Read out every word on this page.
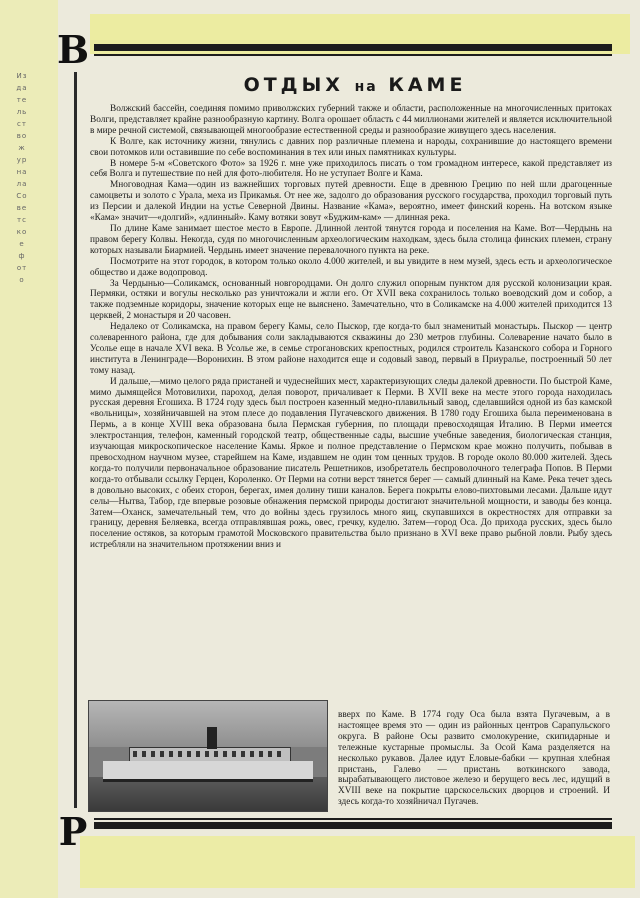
В
Издательство журнала Советское фото
ОТДЫХ на КАМЕ

Волжский бассейн, соединяя помимо приволжских губерний также и области, расположенные на многочисленных притоках Волги, представляет крайне разнообразную картину. Волга орошает область с 44 миллионами жителей и является исключительной в мире речной системой, связывающей многообразие естественной среды и разнообразие живущего здесь населения.

К Волге, как источнику жизни, тянулись с давних пор различные племена и народы, сохранившие до настоящего времени свои потомков или оставившие по себе воспоминания в тех или иных памятниках культуры.

В номере 5-м «Советского Фото» за 1926 г. мне уже приходилось писать о том громадном интересе, какой представляет из себя Волга и путешествие по ней для фото-любителя. Но не уступает Волге и Кама.

Многоводная Кама—один из важнейших торговых путей древности. Еще в древнюю Грецию по ней шли драгоценные самоцветы и золото с Урала, меха из Прикамья. От нее же, задолго до образования русского государства, проходил торговый путь из Персии и далекой Индии на устье Северной Двины. Название «Кама», вероятно, имеет финский корень. На вотском языке «Кама» значит—«долгий», «длинный». Каму вотяки зовут «Буджим-кам» — длинная река.

По длине Каме занимает шестое место в Европе. Длинной лентой тянутся города и поселения на Каме. Вот—Чердынь на правом берегу Колвы. Некогда, судя по многочисленным археологическим находкам, здесь была столица финских племен, страну которых называли Биармией. Чердынь имеет значение перевалочного пункта на реке.

Посмотрите на этот городок, в котором только около 4.000 жителей, и вы увидите в нем музей, здесь есть и археологическое общество и даже водопровод.

За Чердынью—Соликамск, основанный новгородцами. Он долго служил опорным пунктом для русской колонизации края. Пермяки, остяки и вогулы несколько раз уничтожали и жгли его. От XVII века сохранилось только воеводский дом и собор, а также подземные коридоры, значение которых еще не выяснено. Замечательно, что в Соликамске на 4.000 жителей приходится 13 церквей, 2 монастыря и 20 часовен.

Недалеко от Соликамска, на правом берегу Камы, село Пыскор, где когда-то был знаменитый монастырь. Пыскор — центр солеваренного района, где для добывания соли закладываются скважины до 230 метров глубины. Солеварение начато было в Усолье еще в начале XVI века. В Усолье же, в семье строгановских крепостных, родился строитель Казанского собора и Горного института в Ленинграде—Воронихин. В этом районе находится еще и содовый завод, первый в Приуралье, построенный 50 лет тому назад.

И дальше,—мимо целого ряда пристаней и чудеснейших мест, характеризующих следы далекой древности. По быстрой Каме, мимо дымящейся Мотовилихи, пароход, делая поворот, причаливает к Перми. В XVII веке на месте этого города находилась русская деревня Егошиха. В 1724 году здесь был построен казенный медно-плавильный завод, сделавшийся одной из баз камской «вольницы», хозяйничавшей на этом плесе до подавления Пугачевского движения. В 1780 году Егошиха была переименована в Пермь, а в конце XVIII века образована была Пермская губерния, по площади превосходящая Италию. В Перми имеется электростанция, телефон, каменный городской театр, общественные сады, высшие учебные заведения, биологическая станция, изучающая микроскопическое население Камы. Яркое и полное представление о Пермском крае можно получить, побывав в превосходном научном музее, старейшем на Каме, издавшем не один том ценных трудов. В городе около 80.000 жителей. Здесь когда-то получили первоначальное образование писатель Решетников, изобретатель беспроволочного телеграфа Попов. В Перми когда-то отбывали ссылку Герцен, Короленко. От Перми на сотни верст тянется берег — самый длинный на Каме. Река течет здесь в довольно высоких, с обеих сторон, берегах, имея долину тиши каналов. Берега покрыты елово-пихтовыми лесами. Дальше идут селы—Нытва, Табор, где впервые розовые обнажения пермской природы достигают значительной мощности, и заводы без конца. Затем—Оханск, замечательный тем, что до войны здесь грузилось много яиц, скупавшихся в окрестностях для отправки за границу, деревня Беляевка, всегда отправлявшая рожь, овес, гречку, куделю. Затем—город Оса. До прихода русских, здесь было поселение остяков, за которым грамотой Московского правительства было признано в XVI веке право рыбной ловли. Рыбу здесь истребляли на значительном протяжении вниз и

вверх по Каме. В 1774 году Оса была взята Пугачевым, а в настоящее время это — один из районных центров Сарапульского округа. В районе Осы развито смолокурение, скипидарные и тележные кустарные промыслы. За Осой Кама разделяется на несколько рукавов. Далее идут Еловые-бабки — крупная хлебная пристань, Галево — пристань воткинского завода, вырабатывающего листовое железо и берущего весь лес, идущий в XVIII веке на покрытие царскосельских дворцов и строений. И здесь когда-то хозяйничал Пугачев.

Р
